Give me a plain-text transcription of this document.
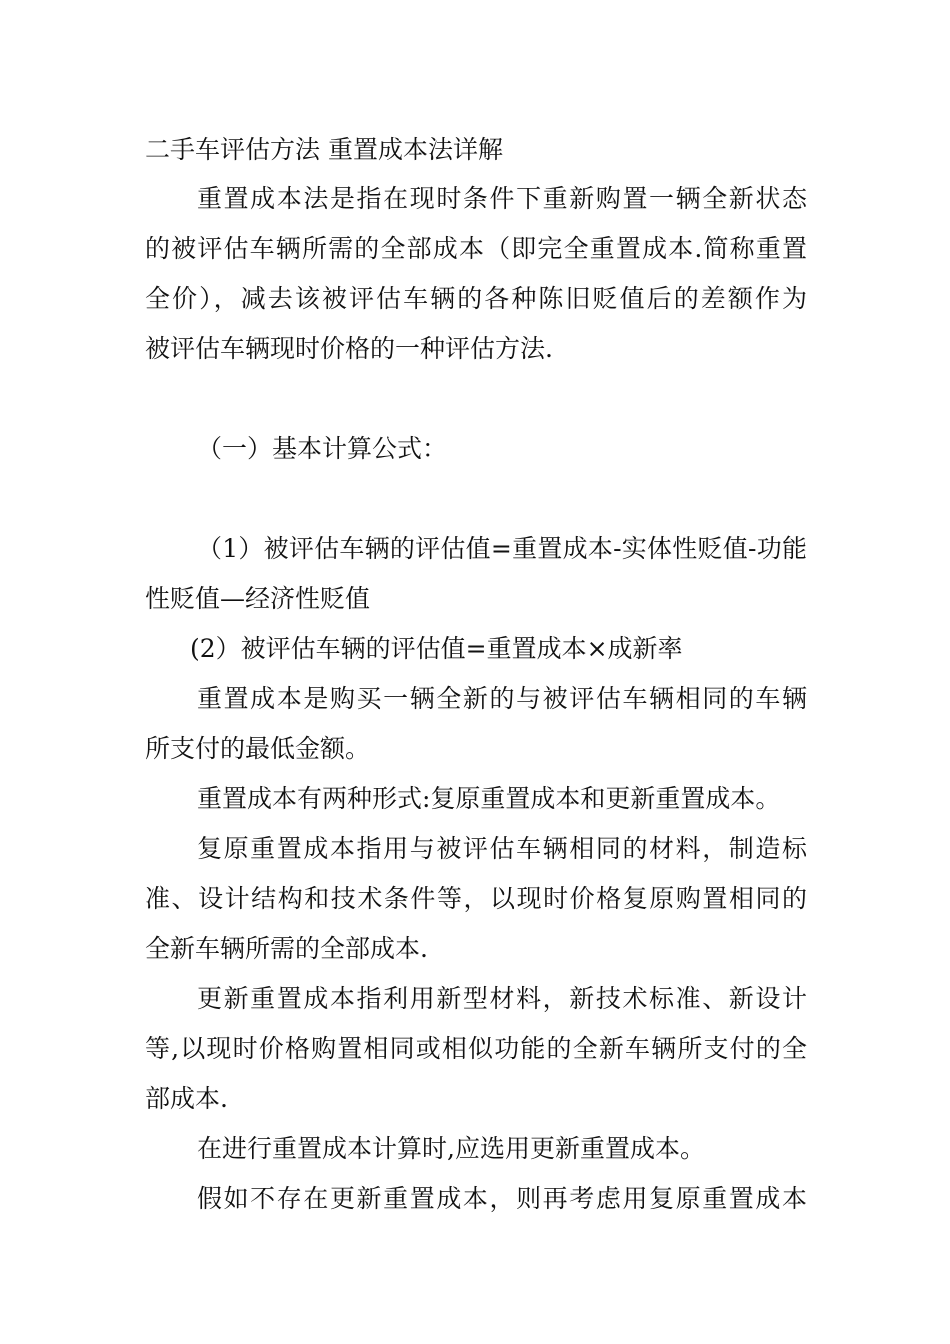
二手车评估方法 重置成本法详解
重置成本法是指在现时条件下重新购置一辆全新状态
的被评估车辆所需的全部成本（即完全重置成本.简称重置
全价），减去该被评估车辆的各种陈旧贬值后的差额作为
被评估车辆现时价格的一种评估方法.
（一）基本计算公式：
（1）被评估车辆的评估值=重置成本-实体性贬值-功能
性贬值—经济性贬值
(2）被评估车辆的评估值=重置成本×成新率
重置成本是购买一辆全新的与被评估车辆相同的车辆
所支付的最低金额。
重置成本有两种形式:复原重置成本和更新重置成本。
复原重置成本指用与被评估车辆相同的材料，制造标
准、设计结构和技术条件等，以现时价格复原购置相同的
全新车辆所需的全部成本.
更新重置成本指利用新型材料，新技术标准、新设计
等,以现时价格购置相同或相似功能的全新车辆所支付的全
部成本.
在进行重置成本计算时,应选用更新重置成本。
假如不存在更新重置成本，则再考虑用复原重置成本
